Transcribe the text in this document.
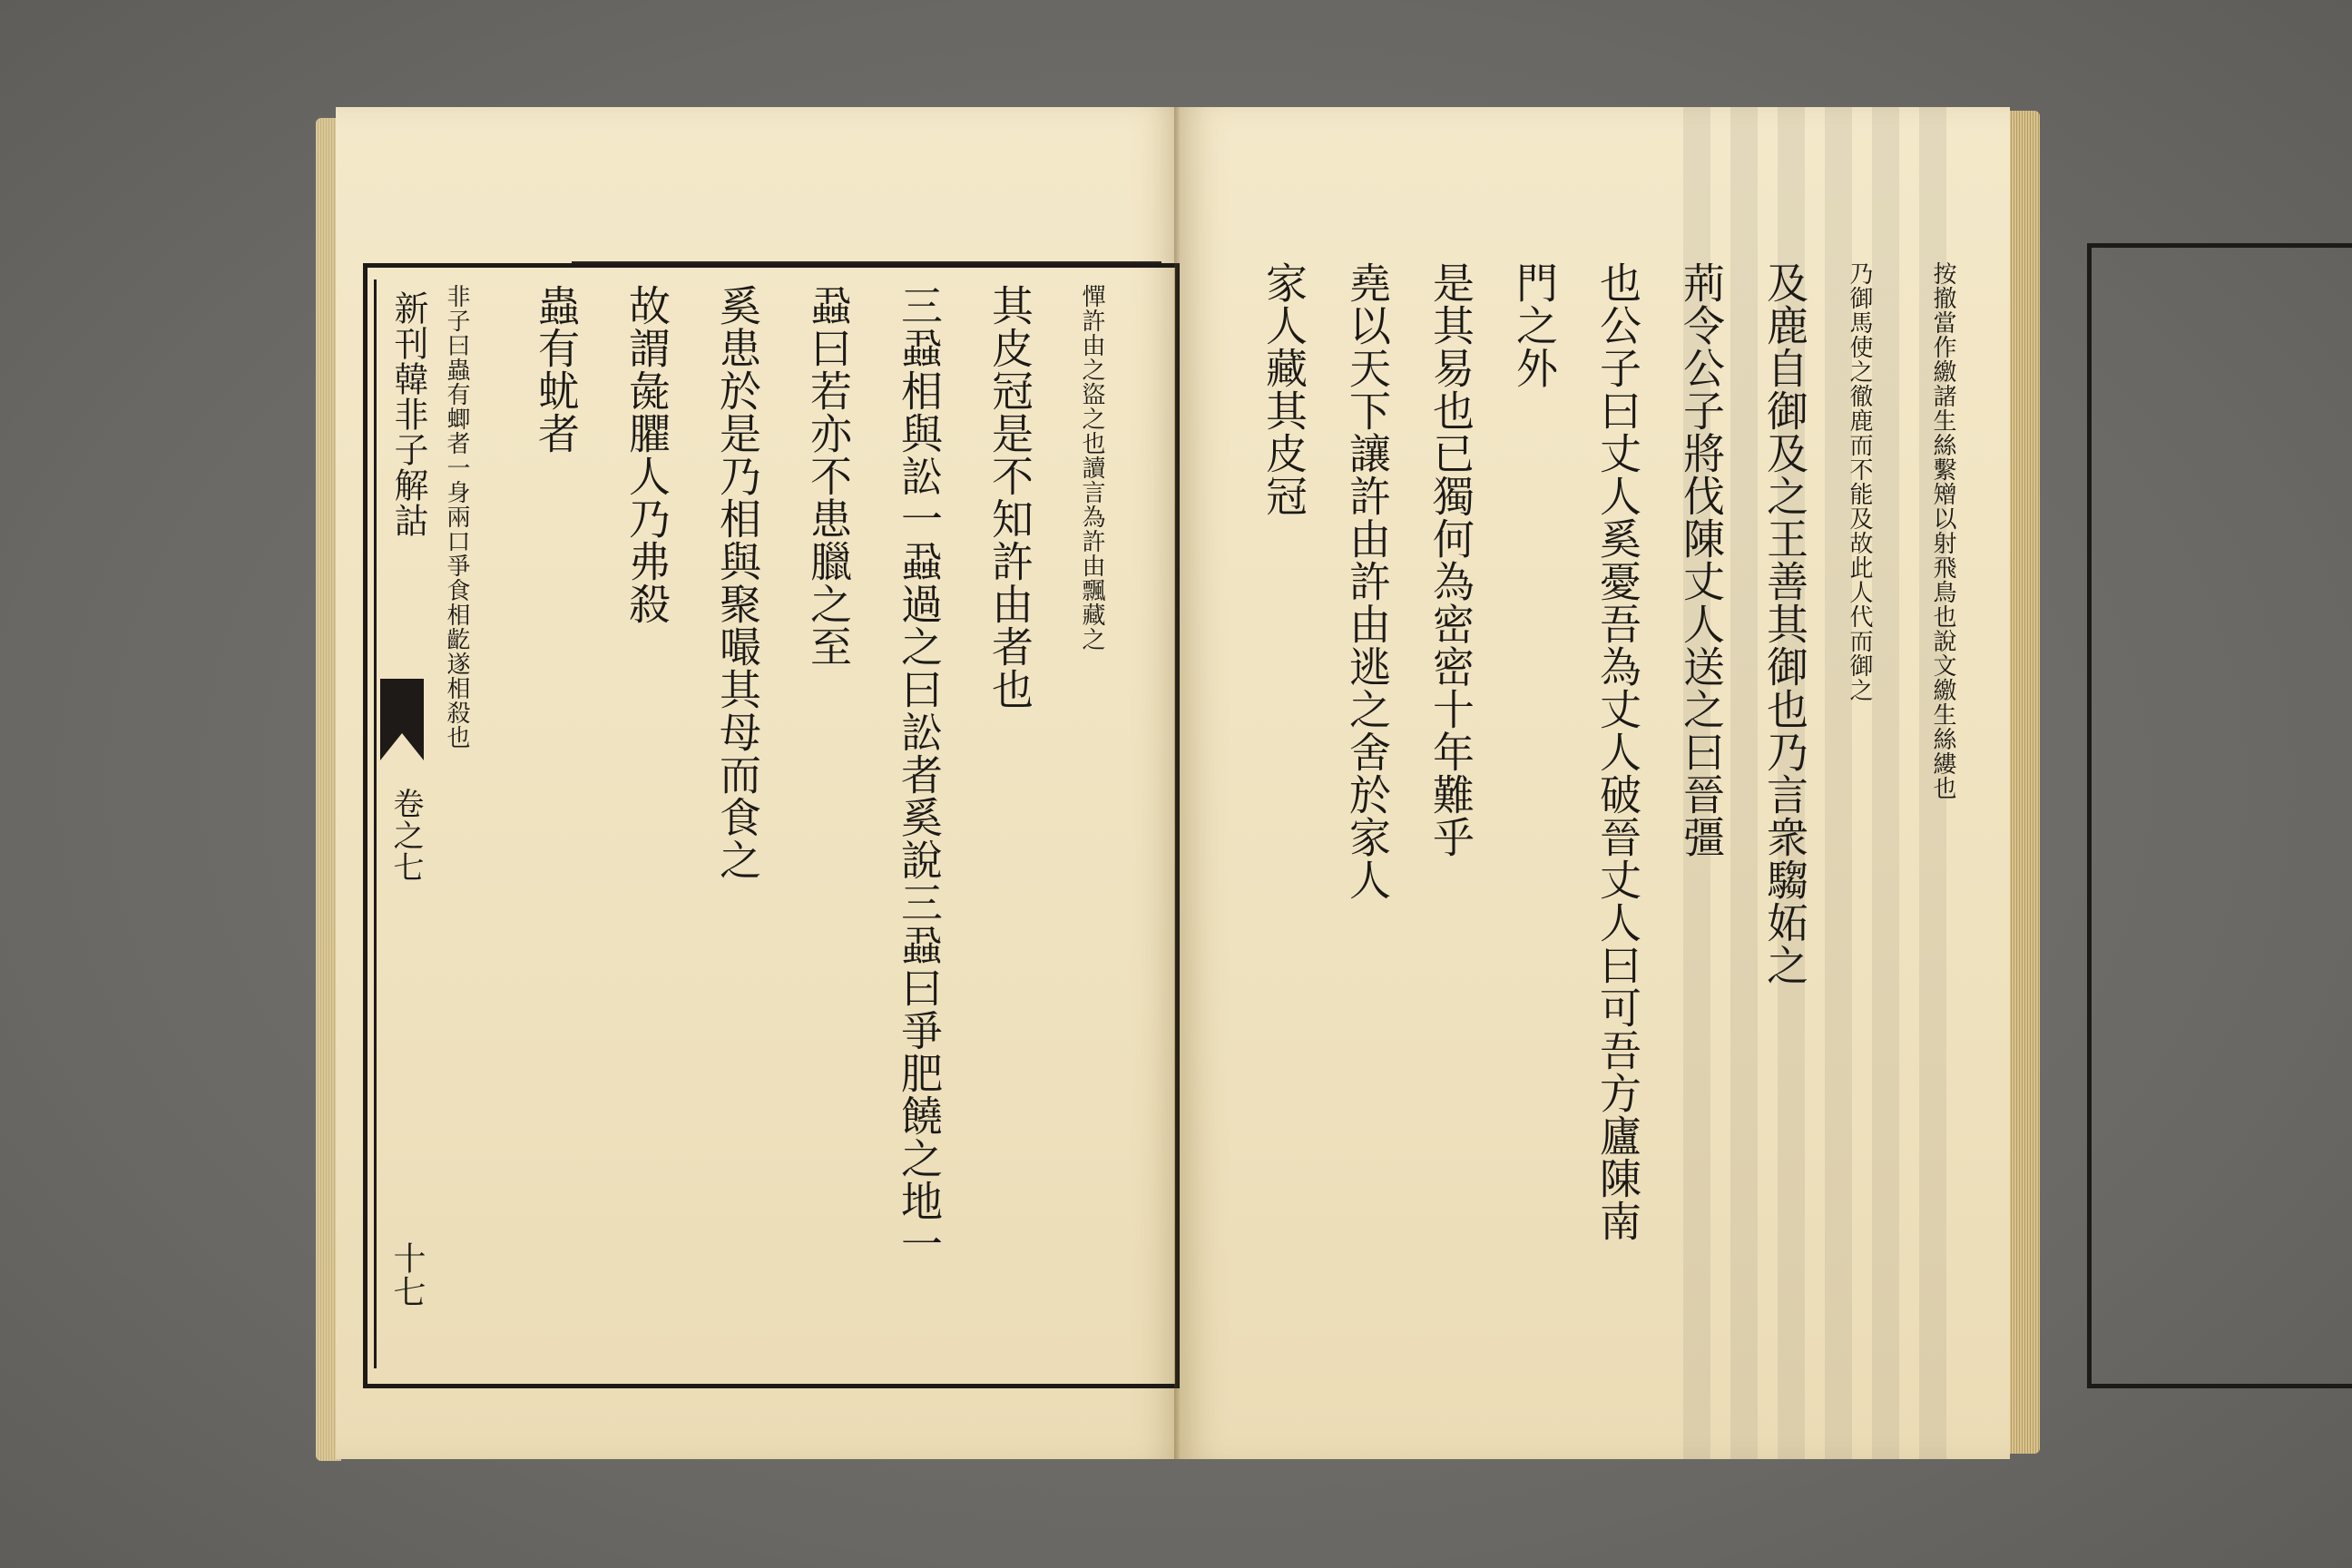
新刊韓非子解詁
卷之七
十七
憚許由之盜之也讀言為許由飄藏之
其皮冠是不知許由者也
三蝨相與訟一蝨過之曰訟者奚說三蝨曰爭肥饒之地一
蝨曰若亦不患臘之至
奚患於是乃相與聚嘬其母而食之
故謂彘臞人乃弗殺
蟲有蚘者
非子曰蟲有蝍者一身兩口爭食相齕遂相殺也	按撤當作繳諸生絲繫矰以射飛鳥也說文繳生絲縷也
乃御馬使之徹鹿而不能及故此人代而御之
及鹿自御及之王善其御也乃言衆騶妬之
荊令公子將伐陳丈人送之曰晉彊
也公子曰丈人奚憂吾為丈人破晉丈人曰可吾方廬陳南
門之外
是其易也已獨何為密密十年難乎
堯以天下讓許由許由逃之舍於家人
家人藏其皮冠
